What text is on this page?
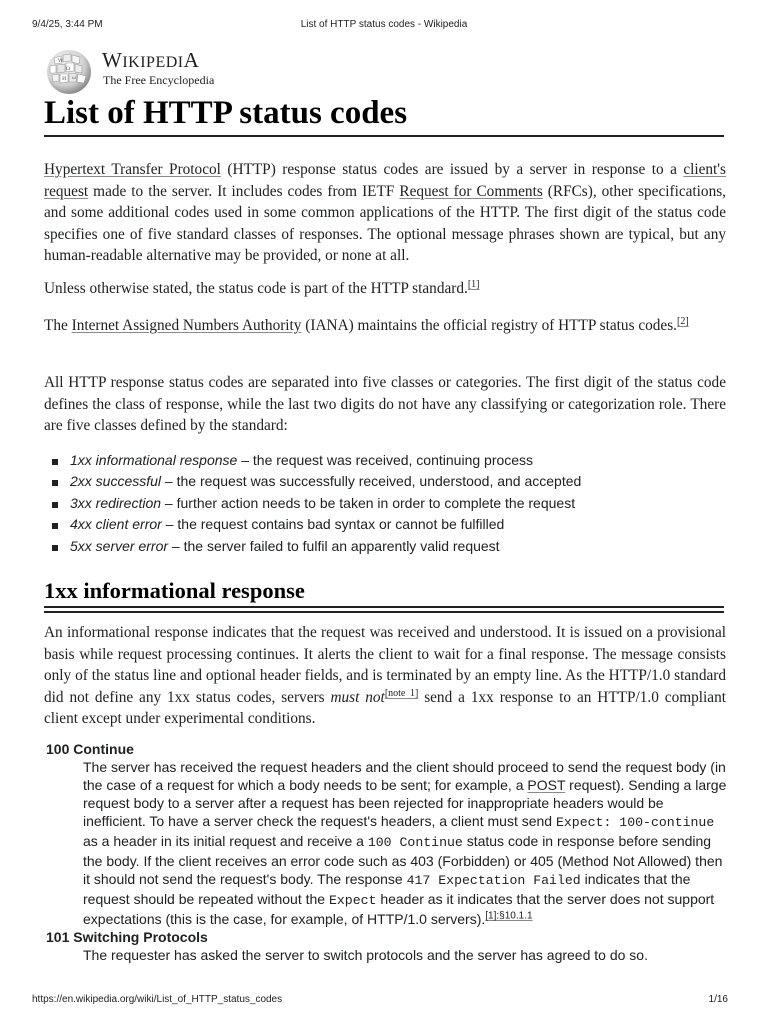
9/4/25, 3:44 PM	List of HTTP status codes - Wikipedia
W
Ω
И ω
WIKIPEDIA
The Free Encyclopedia
List of HTTP status codes

Hypertext Transfer Protocol (HTTP) response status codes are issued by a server in response to a client's request made to the server. It includes codes from IETF Request for Comments (RFCs), other specifications, and some additional codes used in some common applications of the HTTP. The first digit of the status code specifies one of five standard classes of responses. The optional message phrases shown are typical, but any human-readable alternative may be provided, or none at all.

Unless otherwise stated, the status code is part of the HTTP standard.[1]

The Internet Assigned Numbers Authority (IANA) maintains the official registry of HTTP status codes.[2]

All HTTP response status codes are separated into five classes or categories. The first digit of the status code defines the class of response, while the last two digits do not have any classifying or categorization role. There are five classes defined by the standard:

1xx informational response – the request was received, continuing process
2xx successful – the request was successfully received, understood, and accepted
3xx redirection – further action needs to be taken in order to complete the request
4xx client error – the request contains bad syntax or cannot be fulfilled
5xx server error – the server failed to fulfil an apparently valid request
1xx informational response

An informational response indicates that the request was received and understood. It is issued on a provisional basis while request processing continues. It alerts the client to wait for a final response. The message consists only of the status line and optional header fields, and is terminated by an empty line. As the HTTP/1.0 standard did not define any 1xx status codes, servers must not[note 1] send a 1xx response to an HTTP/1.0 compliant client except under experimental conditions.

100 Continue

The server has received the request headers and the client should proceed to send the request body (in the case of a request for which a body needs to be sent; for example, a POST request). Sending a large request body to a server after a request has been rejected for inappropriate headers would be inefficient. To have a server check the request's headers, a client must send Expect: 100-continue as a header in its initial request and receive a 100 Continue status code in response before sending the body. If the client receives an error code such as 403 (Forbidden) or 405 (Method Not Allowed) then it should not send the request's body. The response 417 Expectation Failed indicates that the request should be repeated without the Expect header as it indicates that the server does not support expectations (this is the case, for example, of HTTP/1.0 servers).$^{[1]:\S 10.1.1}$

101 Switching Protocols

The requester has asked the server to switch protocols and the server has agreed to do so.

https://en.wikipedia.org/wiki/List_of_HTTP_status_codes	1/16
